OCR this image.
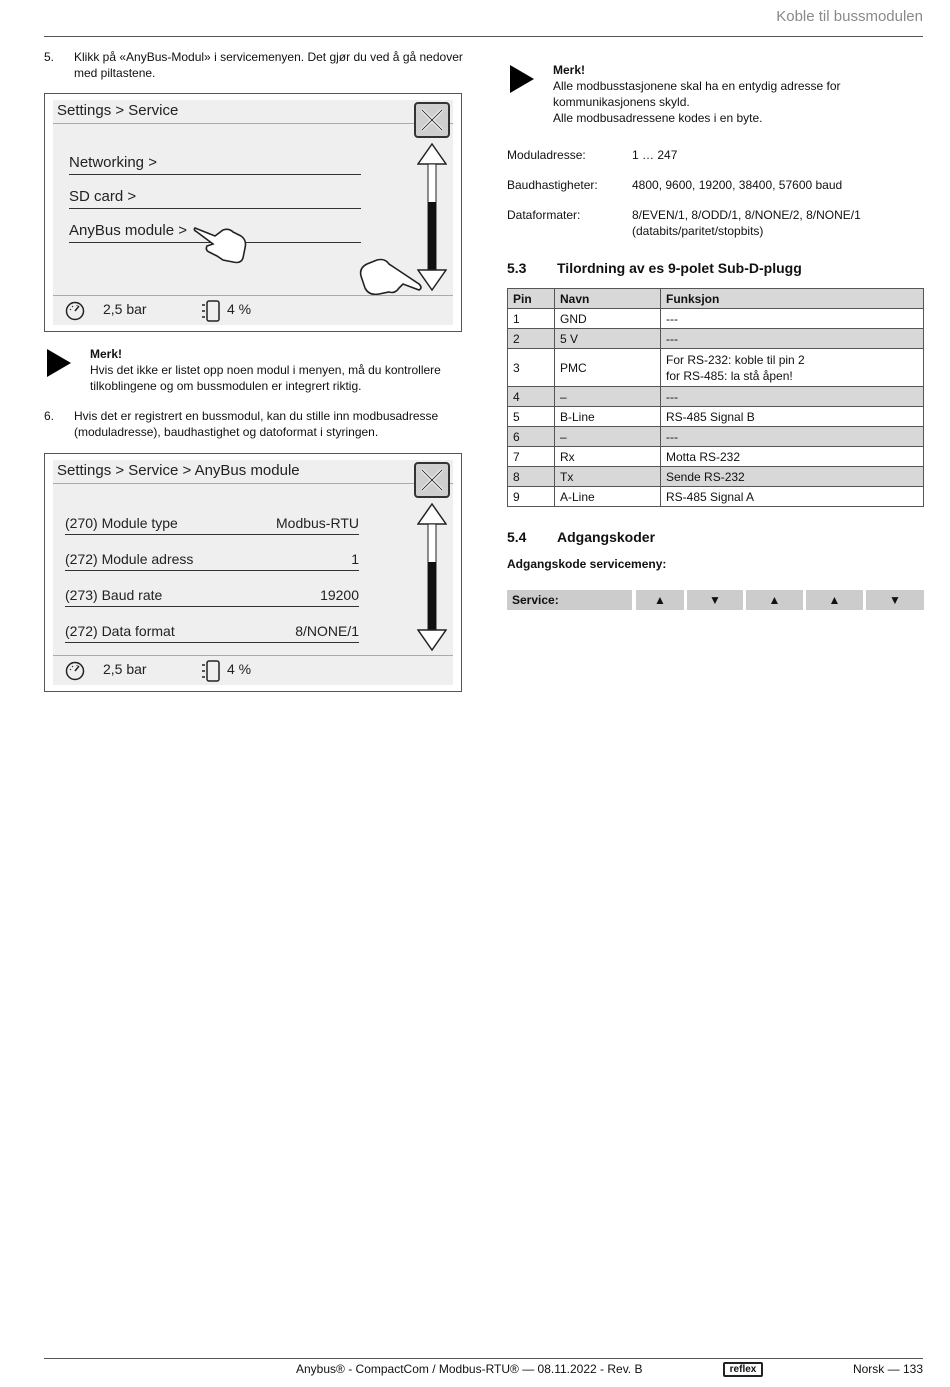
Koble til bussmodulen
5. Klikk på «AnyBus-Modul» i servicemenyen. Det gjør du ved å gå nedover med piltastene.
Settings > Service
Networking >
SD card >
AnyBus module >
2,5 bar	4 %
Merk!
Hvis det ikke er listet opp noen modul i menyen, må du kontrollere tilkoblingene og om bussmodulen er integrert riktig.
6. Hvis det er registrert en bussmodul, kan du stille inn modbusadresse (moduladresse), baudhastighet og datoformat i styringen.
Settings > Service > AnyBus module
(270) Module type	Modbus-RTU
(272) Module adress	1
(273) Baud rate	19200
(272) Data format	8/NONE/1
2,5 bar	4 %
Merk!
Alle modbusstasjonene skal ha en entydig adresse for kommunikasjonens skyld.
Alle modbusadressene kodes i en byte.
Moduladresse:	1 … 247
Baudhastigheter:	4800, 9600, 19200, 38400, 57600 baud
Dataformater:	8/EVEN/1, 8/ODD/1, 8/NONE/2, 8/NONE/1 (databits/paritet/stopbits)
5.3 Tilordning av es 9-polet Sub-D-plugg
Pin	Navn	Funksjon
1	GND	---
2	5 V	---
3	PMC	For RS-232: koble til pin 2
for RS-485: la stå åpen!

4	–	---
5	B-Line	RS-485 Signal B
6	–	---
7	Rx	Motta RS-232
8	Tx	Sende RS-232
9	A-Line	RS-485 Signal A
5.4 Adgangskoder
Adgangskode servicemeny:
Service:	▲	▼	▲	▲	▼
Anybus® - CompactCom / Modbus-RTU® — 08.11.2022 - Rev. B	reflex	Norsk — 133
